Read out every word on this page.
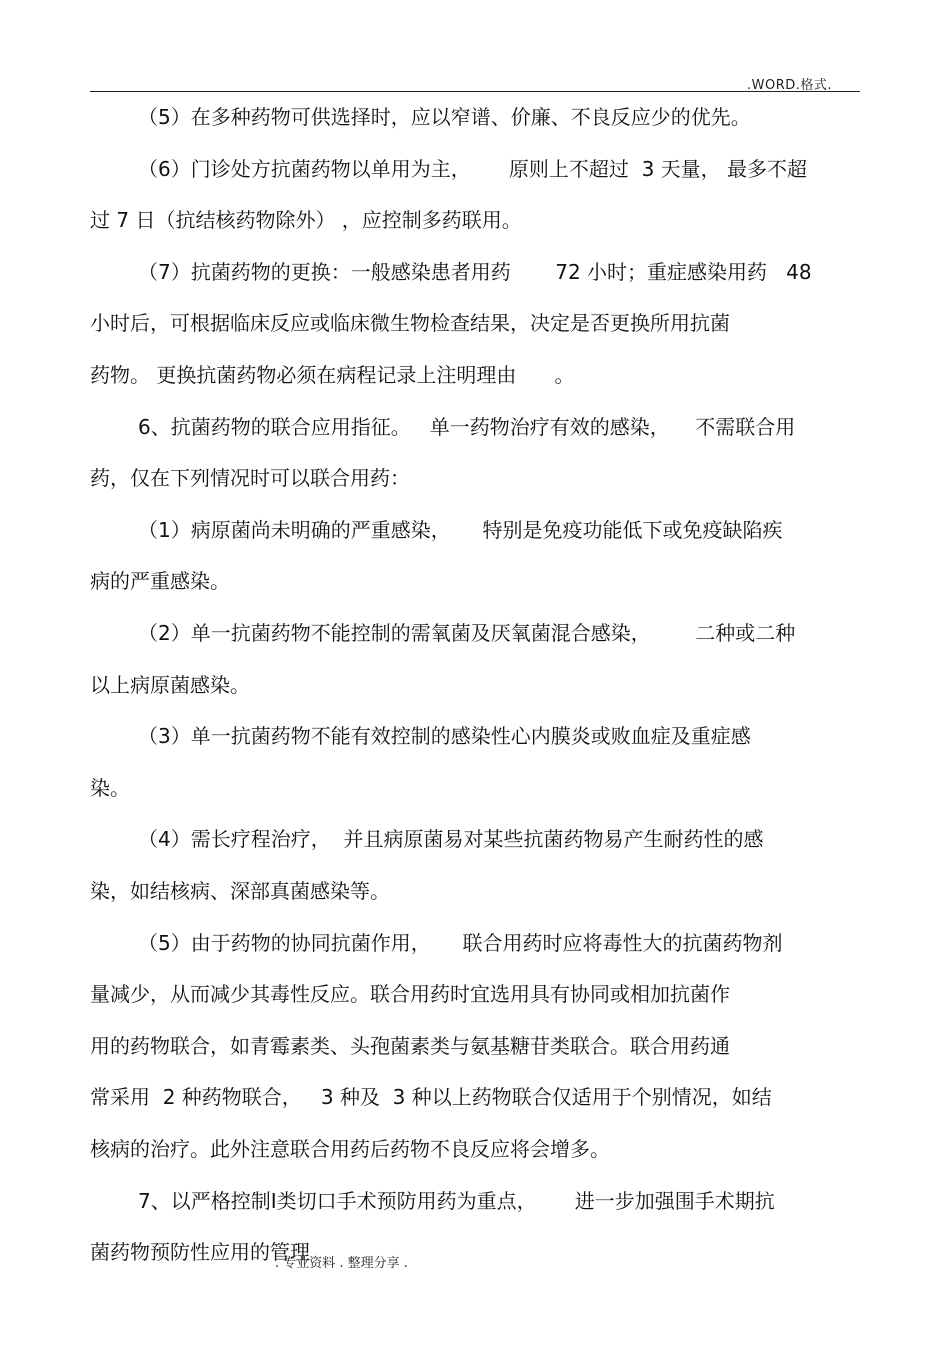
.WORD.格式.
（5）在多种药物可供选择时，应以窄谱、价廉、不良反应少的优先。
（6）门诊处方抗菌药物以单用为主，      原则上不超过  3 天量， 最多不超
过 7 日（抗结核药物除外） ，应控制多药联用。
（7）抗菌药物的更换：一般感染患者用药       72 小时；重症感染用药   48
小时后，可根据临床反应或临床微生物检查结果，决定是否更换所用抗菌
药物。 更换抗菌药物必须在病程记录上注明理由      。
6、抗菌药物的联合应用指征。   单一药物治疗有效的感染，    不需联合用
药，仅在下列情况时可以联合用药：
（1）病原菌尚未明确的严重感染，     特别是免疫功能低下或免疫缺陷疾
病的严重感染。
（2）单一抗菌药物不能控制的需氧菌及厌氧菌混合感染，       二种或二种
以上病原菌感染。
（3）单一抗菌药物不能有效控制的感染性心内膜炎或败血症及重症感
染。
（4）需长疗程治疗，  并且病原菌易对某些抗菌药物易产生耐药性的感
染，如结核病、深部真菌感染等。
（5）由于药物的协同抗菌作用，     联合用药时应将毒性大的抗菌药物剂
量减少，从而减少其毒性反应。联合用药时宜选用具有协同或相加抗菌作
用的药物联合，如青霉素类、头孢菌素类与氨基糖苷类联合。联合用药通
常采用  2 种药物联合，   3 种及  3 种以上药物联合仅适用于个别情况，如结
核病的治疗。此外注意联合用药后药物不良反应将会增多。
7、以严格控制Ⅰ类切口手术预防用药为重点，      进一步加强围手术期抗
菌药物预防性应用的管理
. 专业资料 . 整理分享 .
